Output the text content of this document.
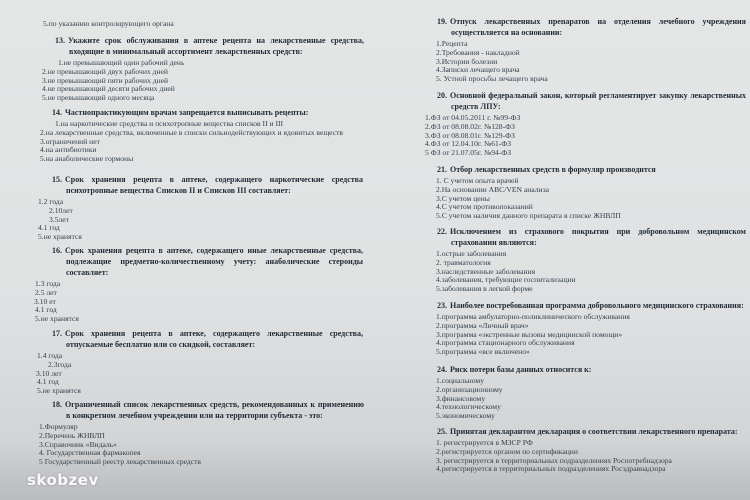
5.по указанию контролирующего органа
13. Укажите срок обслуживания в аптеке рецепта на лекарственные средства, входящие в минимальный ассортимент лекарственных средств:
1.не превышающий один рабочий день
2.не превышающий двух рабочих дней
3.не превышающий пяти рабочих дней
4.не превышающий десяти рабочих дней
5.не превышающий одного месяца
14. Частнопрактикующим врачам запрещается выписывать рецепты:
1.на наркотические средства и психотропные вещества списков II и III
2.на лекарственные средства, включенные в списки сильнодействующих и ядовитых веществ
3.ограничений нет
4.на антибиотики
5.на анаболические гормоны
15. Срок хранения рецепта в аптеке, содержащего наркотические средства психотропные вещества Списков II и Списков III составляет:
1.2 года
2.10лет
3.5лет
4.1 год
5.не хранятся
16. Срок хранения рецепта в аптеке, содержащего иные лекарственные средства, подлежащие предметно-количественному учету: анаболические стероиды составляет:
1.3 года
2.5 лет
3.10 ет
4.1 год
5.не хранятся
17. Срок хранения рецепта в аптеке, содержащего лекарственные средства, отпускаемые бесплатно или со скидкой, составляет:
1.4 года
2.3года
3.10 лет
4.1 год
5.не хранятся
18. Ограниченный список лекарственных средств, рекомендованных к применению в конкретном лечебном учреждении или на территории субъекта - это:
1.Формуляр
2.Перечень ЖНВЛП
3.Справочник «Видаль»
4. Государственная фармакопея
5 Государственный реестр лекарственных средств
19. Отпуск лекарственных препаратов на отделения лечебного учреждения осуществляется на основании:
1.Рецепта
2.Требования - накладной
3.Истории болезни
4.Записки лечащего врача
5. Устной просьбы лечащего врача
20. Основной федеральный закон, который регламентирует закупку лекарственных средств ЛПУ:
1.ФЗ от 04.05.2011 г. №99-ФЗ
2.ФЗ от 08.08.02г. №128-ФЗ
3.ФЗ от 08.08.01г. №129-ФЗ
4.ФЗ от 12.04.10г. №61-ФЗ
5 ФЗ от 21.07.05г. №94-ФЗ
21. Отбор лекарственных средств в формуляр производится
1. С учетом опыта врачей
2.На основании ABC/VEN анализа
3.С учетом цены
4.С учетом противопоказаний
5.С учетом наличия данного препарата в списке ЖНВЛП
22. Исключением из страхового покрытия при добровольном медицинском страховании являются:
1.острые заболевания
2. травматология
3.наследственные заболевания
4.заболевания, требующие госпитализации
5.заболевания в легкой форме
23. Наиболее востребованная программа добровольного медицинского страхования:
1.программа амбулаторно-поликлинического обслуживания
2.программа «Личный врач»
3.программа «экстренные вызовы медицинской помощи»
4.программа стационарного обслуживания
5.программа «все включено»
24. Риск потери базы данных относится к:
1.социальному
2.организационному
3.финансовому
4.технологическому
5.экономическому
25. Принятая декларантом декларация о соответствии лекарственного препарата:
1. регистрируется в МЗСР РФ
2.регистрируется органом по сертификации
3. регистрируется в территориальных подразделениях Роспотребнадзора
4.регистрируется в территориальных подразделениях Росздравнадзора
skobzev
